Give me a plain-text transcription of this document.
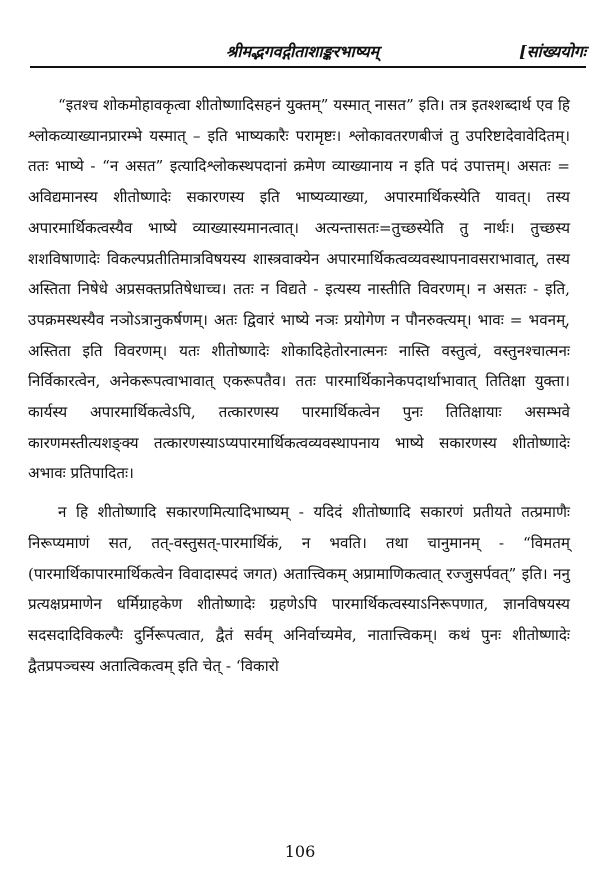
श्रीमद्भगवद्गीताशाङ्करभाष्यम्	[सांख्ययोगः

“इतश्च शोकमोहावकृत्वा शीतोष्णादिसहनं युक्तम्” यस्मात् नासत” इति। तत्र इतश्शब्दार्थ एव हि श्लोकव्याख्यानप्रारम्भे यस्मात् – इति भाष्यकारैः परामृष्टः। श्लोकावतरणबीजं तु उपरिष्टादेवावेदितम्। ततः भाष्ये - “न असत” इत्यादिश्लोकस्थपदानां क्रमेण व्याख्यानाय न इति पदं उपात्तम्। असतः = अविद्यमानस्य शीतोष्णादेः सकारणस्य इति भाष्यव्याख्या, अपारमार्थिकस्येति यावत्। तस्य अपारमार्थिकत्वस्यैव भाष्ये व्याख्यास्यमानत्वात्। अत्यन्तासतः=तुच्छस्येति तु नार्थः। तुच्छस्य शशविषाणादेः विकल्पप्रतीतिमात्रविषयस्य शास्त्रवाक्येन अपारमार्थिकत्वव्यवस्थापनावसराभावात्, तस्य अस्तिता निषेधे अप्रसक्तप्रतिषेधाच्च। ततः न विद्यते - इत्यस्य नास्तीति विवरणम्। न असतः - इति, उपक्रमस्थस्यैव नञोऽत्रानुकर्षणम्। अतः द्विवारं भाष्ये नञः प्रयोगेण न पौनरुक्त्यम्। भावः = भवनम्, अस्तिता इति विवरणम्। यतः शीतोष्णादेः शोकादिहेतोरनात्मनः नास्ति वस्तुत्वं, वस्तुनश्चात्मनः निर्विकारत्वेन, अनेकरूपत्वाभावात् एकरूपतैव। ततः पारमार्थिकानेकपदार्थाभावात् तितिक्षा युक्ता। कार्यस्य अपारमार्थिकत्वेऽपि, तत्कारणस्य पारमार्थिकत्वेन पुनः तितिक्षायाः असम्भवे कारणमस्तीत्यशङ्क्य तत्कारणस्याऽप्यपारमार्थिकत्वव्यवस्थापनाय भाष्ये सकारणस्य शीतोष्णादेः अभावः प्रतिपादितः।

न हि शीतोष्णादि सकारणमित्यादिभाष्यम् - यदिदं शीतोष्णादि सकारणं प्रतीयते तत्प्रमाणैः निरूप्यमाणं सत, तत्-वस्तुसत्-पारमार्थिकं, न भवति। तथा चानुमानम् - “विमतम् (पारमार्थिकापारमार्थिकत्वेन विवादास्पदं जगत) अतात्त्विकम् अप्रामाणिकत्वात् रज्जुसर्पवत्” इति। ननु प्रत्यक्षप्रमाणेन धर्मिग्राहकेण शीतोष्णादेः ग्रहणेऽपि पारमार्थिकत्वस्याऽनिरूपणात, ज्ञानविषयस्य सदसदादिविकल्पैः दुर्निरूपत्वात, द्वैतं सर्वम् अनिर्वाच्यमेव, नातात्त्विकम्। कथं पुनः शीतोष्णादेः द्वैतप्रपञ्चस्य अतात्विकत्वम् इति चेत् - ‘विकारो

106
